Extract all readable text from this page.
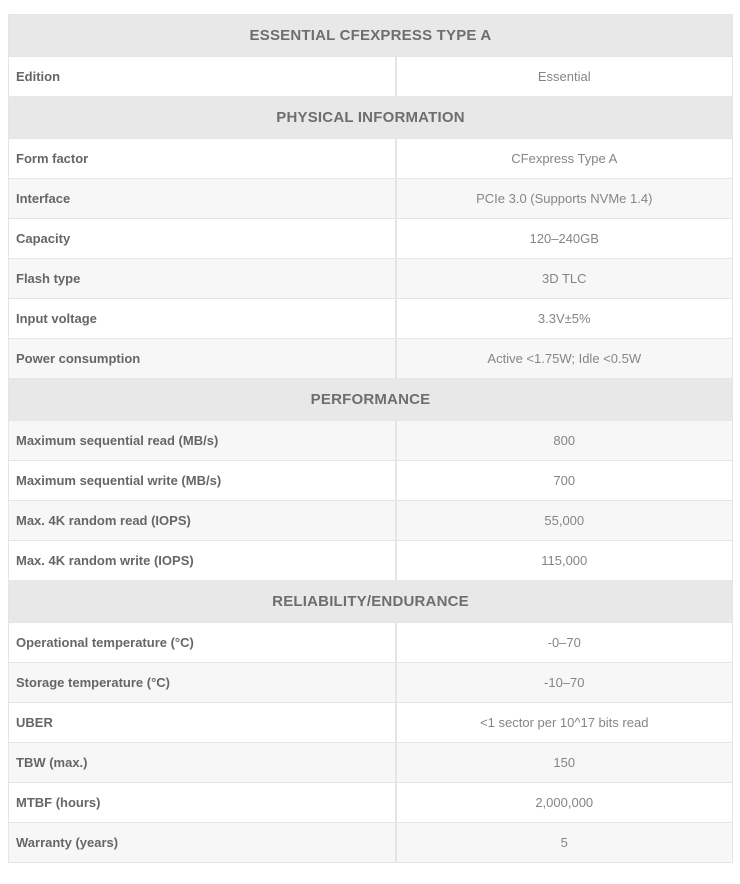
ESSENTIAL CFEXPRESS TYPE A	
Edition	Essential
PHYSICAL INFORMATION	
Form factor	CFexpress Type A
Interface	PCIe 3.0 (Supports NVMe 1.4)
Capacity	120–240GB
Flash type	3D TLC
Input voltage	3.3V±5%
Power consumption	Active <1.75W; Idle <0.5W
PERFORMANCE	
Maximum sequential read (MB/s)	800
Maximum sequential write (MB/s)	700
Max. 4K random read (IOPS)	55,000
Max. 4K random write (IOPS)	115,000
RELIABILITY/ENDURANCE	
Operational temperature (°C)	-0–70
Storage temperature (°C)	-10–70
UBER	<1 sector per 10^17 bits read
TBW (max.)	150
MTBF (hours)	2,000,000
Warranty (years)	5
